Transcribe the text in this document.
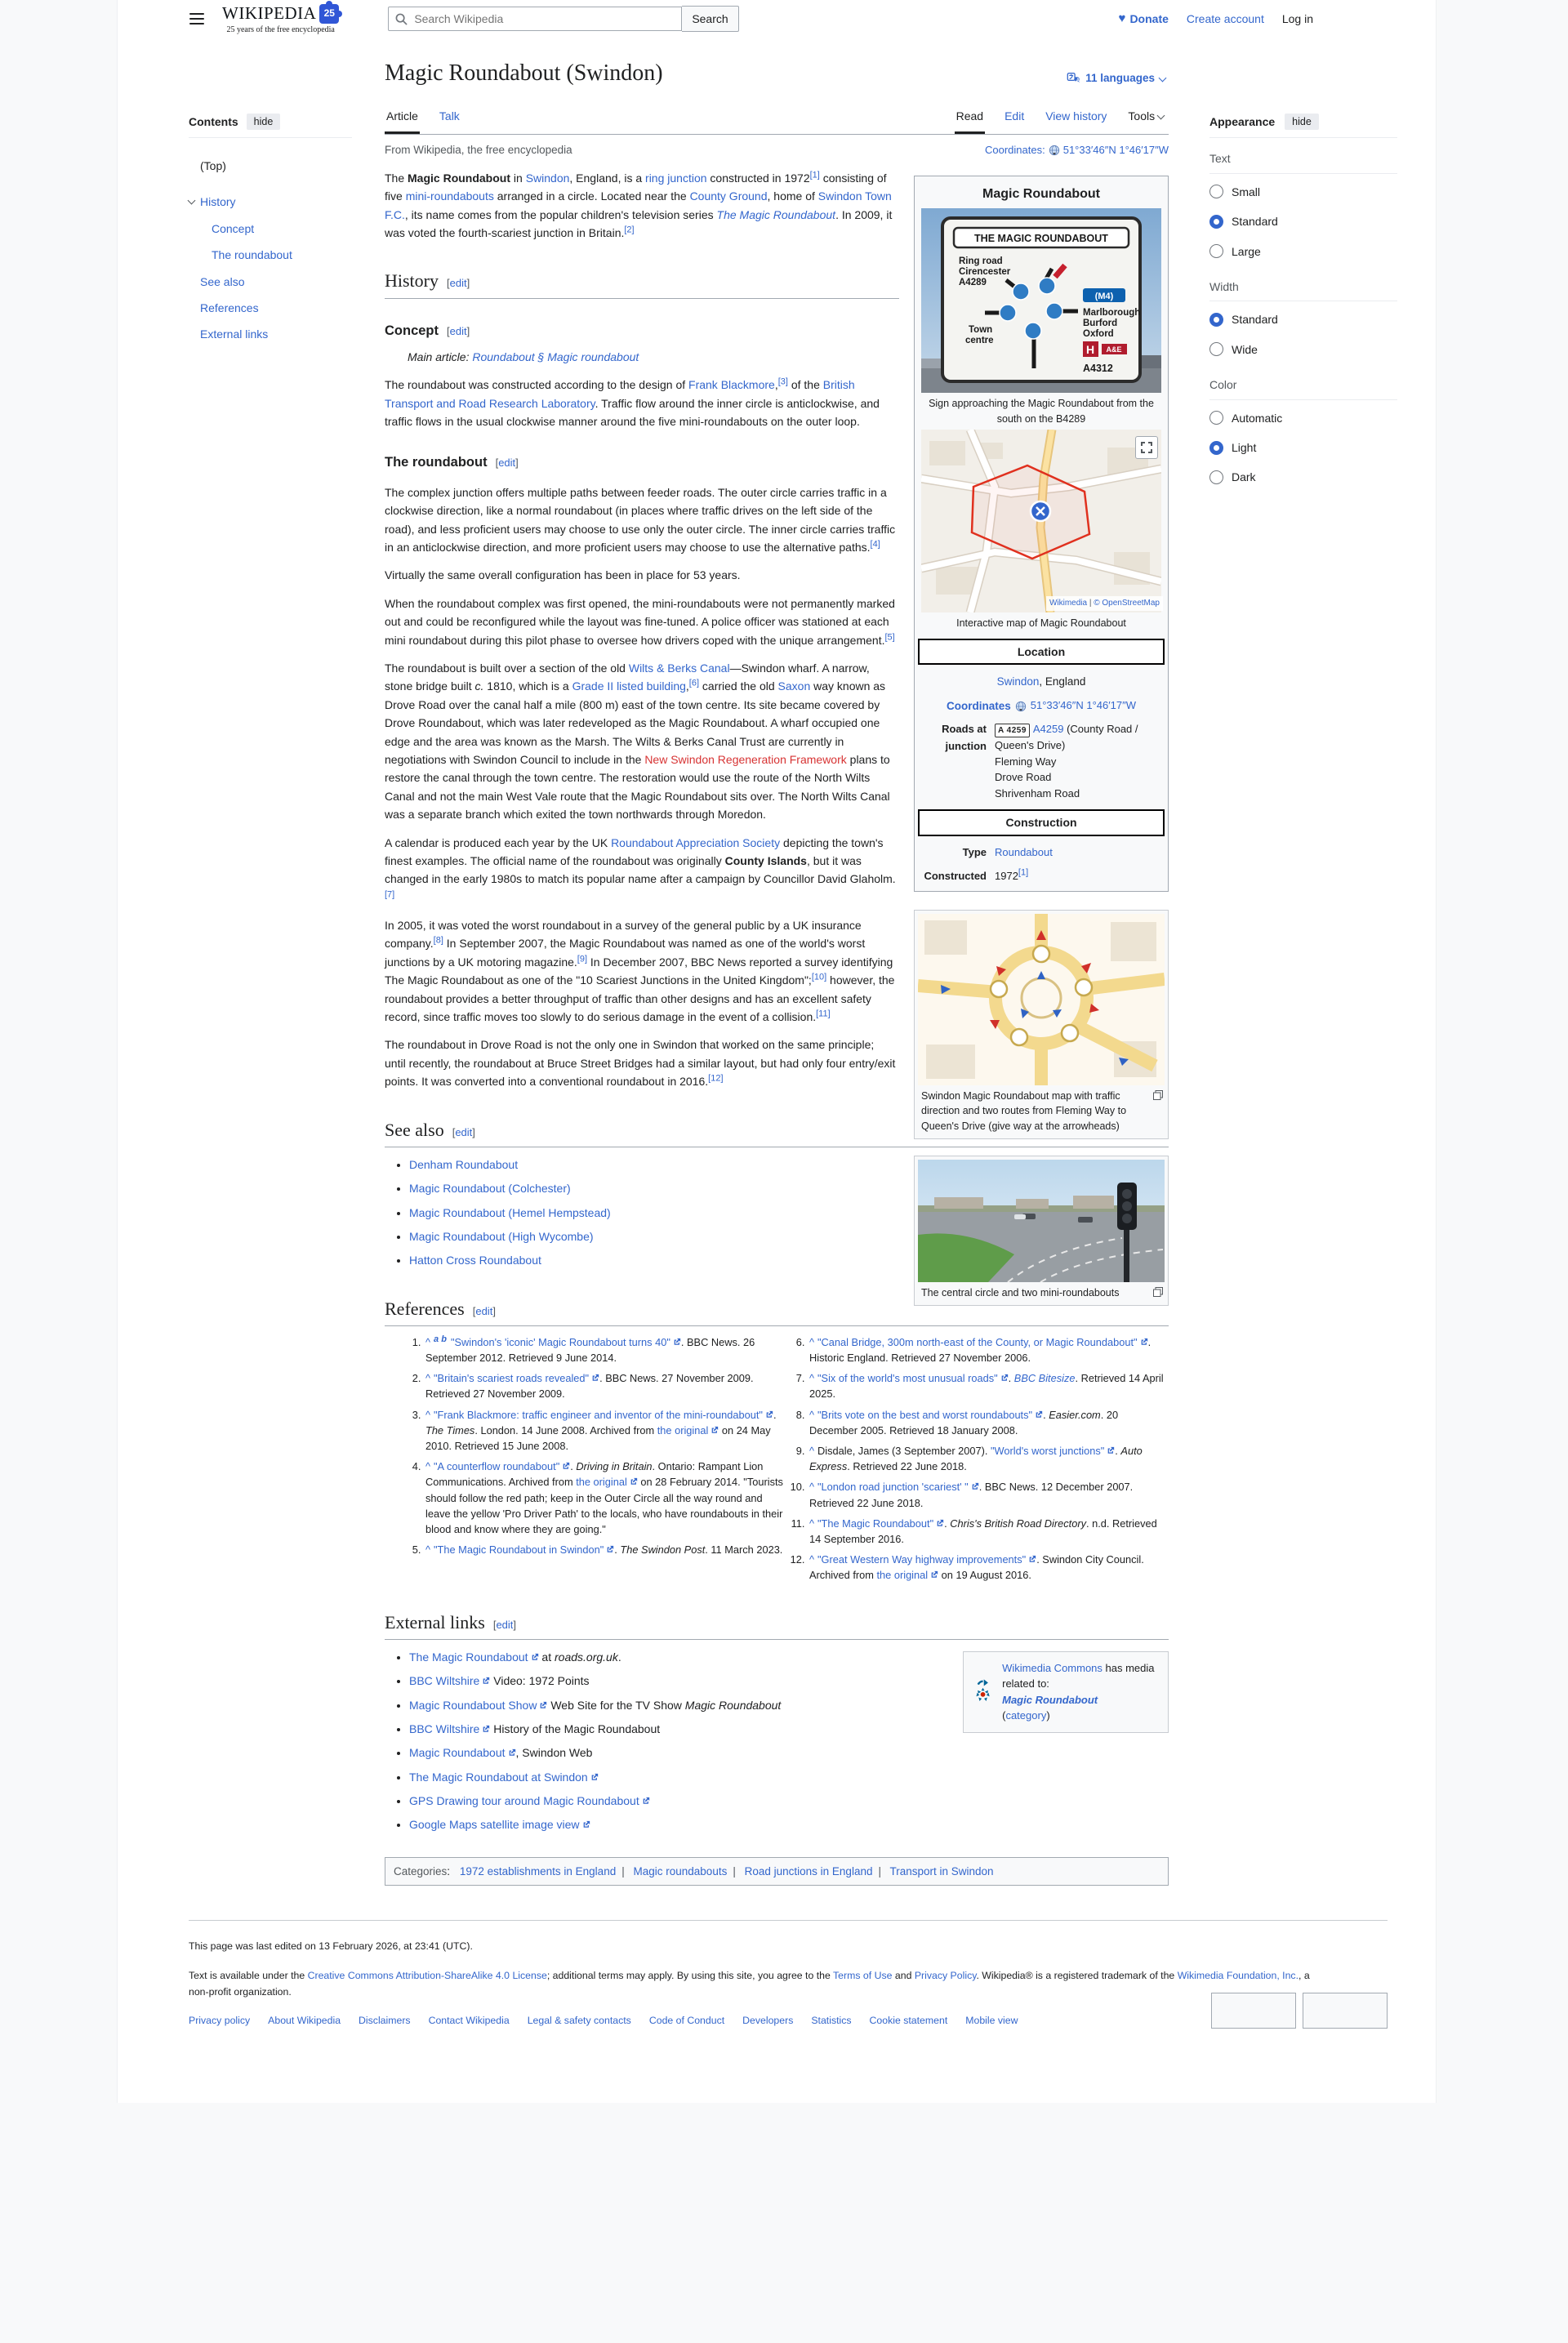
WIKIPEDIA 25
25 years of the free encyclopedia
Search Wikipedia
Search	♥ Donate Create account Log in
Contents	hide
(Top)
History
Concept
The roundabout
See also
References
External links
Magic Roundabout (Swindon)	A 11 languages
Article Talk	Read Edit View history Tools
From Wikipedia, the free encyclopedia	Coordinates: 51°33′46″N 1°46′17″W
Magic Roundabout
THE MAGIC ROUNDABOUT
Ring road
Cirencester
A4289
(M4)
Town
centre
Marlborough
Burford
Oxford
H A&E
A4312
Sign approaching the Magic Roundabout from the south on the B4289
Wikimedia | © OpenStreetMap
Interactive map of Magic Roundabout
Location
Swindon, England
Coordinates 51°33′46″N 1°46′17″W
Roads at junction
A 4259 A4259 (County Road / Queen's Drive)
Fleming Way
Drove Road
Shrivenham Road
Construction
Type Roundabout
Constructed 1972[1]

The Magic Roundabout in Swindon, England, is a ring junction constructed in 1972[1] consisting of five mini-roundabouts arranged in a circle. Located near the County Ground, home of Swindon Town F.C., its name comes from the popular children's television series The Magic Roundabout. In 2009, it was voted the fourth-scariest junction in Britain.[2]

History [edit]
Concept [edit]
Main article: Roundabout § Magic roundabout

The roundabout was constructed according to the design of Frank Blackmore,[3] of the British Transport and Road Research Laboratory. Traffic flow around the inner circle is anticlockwise, and traffic flows in the usual clockwise manner around the five mini-roundabouts on the outer loop.

The roundabout [edit]

The complex junction offers multiple paths between feeder roads. The outer circle carries traffic in a clockwise direction, like a normal roundabout (in places where traffic drives on the left side of the road), and less proficient users may choose to use only the outer circle. The inner circle carries traffic in an anticlockwise direction, and more proficient users may choose to use the alternative paths.[4]

Virtually the same overall configuration has been in place for 53 years.

When the roundabout complex was first opened, the mini-roundabouts were not permanently marked out and could be reconfigured while the layout was fine-tuned. A police officer was stationed at each mini roundabout during this pilot phase to oversee how drivers coped with the unique arrangement.[5]

The roundabout is built over a section of the old Wilts & Berks Canal—Swindon wharf. A narrow, stone bridge built c. 1810, which is a Grade II listed building,[6] carried the old Saxon way known as Drove Road over the canal half a mile (800 m) east of the town centre. Its site became covered by Drove Roundabout, which was later redeveloped as the Magic Roundabout. A wharf occupied one edge and the area was known as the Marsh. The Wilts & Berks Canal Trust are currently in negotiations with Swindon Council to include in the New Swindon Regeneration Framework plans to restore the canal through the town centre. The restoration would use the route of the North Wilts Canal and not the main West Vale route that the Magic Roundabout sits over. The North Wilts Canal was a separate branch which exited the town northwards through Moredon.

Swindon Magic Roundabout map with traffic direction and two routes from Fleming Way to Queen's Drive (give way at the arrowheads)

A calendar is produced each year by the UK Roundabout Appreciation Society depicting the town's finest examples. The official name of the roundabout was originally County Islands, but it was changed in the early 1980s to match its popular name after a campaign by Councillor David Glaholm.[7]

The central circle and two mini-roundabouts

In 2005, it was voted the worst roundabout in a survey of the general public by a UK insurance company.[8] In September 2007, the Magic Roundabout was named as one of the world's worst junctions by a UK motoring magazine.[9] In December 2007, BBC News reported a survey identifying The Magic Roundabout as one of the "10 Scariest Junctions in the United Kingdom";[10] however, the roundabout provides a better throughput of traffic than other designs and has an excellent safety record, since traffic moves too slowly to do serious damage in the event of a collision.[11]

The roundabout in Drove Road is not the only one in Swindon that worked on the same principle; until recently, the roundabout at Bruce Street Bridges had a similar layout, but had only four entry/exit points. It was converted into a conventional roundabout in 2016.[12]

See also [edit]
• Denham Roundabout
• Magic Roundabout (Colchester)
• Magic Roundabout (Hemel Hempstead)
• Magic Roundabout (High Wycombe)
• Hatton Cross Roundabout
References [edit]
1. ^ $^{a b}$ "Swindon's 'iconic' Magic Roundabout turns 40" . BBC News. 26 September 2012. Retrieved 9 June 2014.
2. ^ "Britain's scariest roads revealed" . BBC News. 27 November 2009. Retrieved 27 November 2009.
3. ^ "Frank Blackmore: traffic engineer and inventor of the mini-roundabout" . The Times. London. 14 June 2008. Archived from the original on 24 May 2010. Retrieved 15 June 2008.
4. ^ "A counterflow roundabout" . Driving in Britain. Ontario: Rampant Lion Communications. Archived from the original on 28 February 2014. "Tourists should follow the red path; keep in the Outer Circle all the way round and leave the yellow 'Pro Driver Path' to the locals, who have roundabouts in their blood and know where they are going."
5. ^ "The Magic Roundabout in Swindon" . The Swindon Post. 11 March 2023.
6. ^ "Canal Bridge, 300m north-east of the County, or Magic Roundabout" . Historic England. Retrieved 27 November 2006.
7. ^ "Six of the world's most unusual roads" . BBC Bitesize. Retrieved 14 April 2025.
8. ^ "Brits vote on the best and worst roundabouts" . Easier.com. 20 December 2005. Retrieved 18 January 2008.
9. ^ Disdale, James (3 September 2007). "World's worst junctions" . Auto Express. Retrieved 22 June 2018.
10. ^ "London road junction 'scariest' " . BBC News. 12 December 2007. Retrieved 22 June 2018.
11. ^ "The Magic Roundabout" . Chris's British Road Directory. n.d. Retrieved 14 September 2016.
12. ^ "Great Western Way highway improvements" . Swindon City Council. Archived from the original on 19 August 2016.
External links [edit]
Wikimedia Commons has media related to:
Magic Roundabout
(category)
• The Magic Roundabout at roads.org.uk.
• BBC Wiltshire Video: 1972 Points
• Magic Roundabout Show Web Site for the TV Show Magic Roundabout
• BBC Wiltshire History of the Magic Roundabout
• Magic Roundabout , Swindon Web
• The Magic Roundabout at Swindon
• GPS Drawing tour around Magic Roundabout
• Google Maps satellite image view
Categories: 1972 establishments in England | Magic roundabouts | Road junctions in England | Transport in Swindon
Appearance	hide
Text
Small
Standard
Large
Width
Standard
Wide
Color
Automatic
Light
Dark

This page was last edited on 13 February 2026, at 23:41 (UTC).

Text is available under the Creative Commons Attribution-ShareAlike 4.0 License; additional terms may apply. By using this site, you agree to the Terms of Use and Privacy Policy. Wikipedia® is a registered trademark of the Wikimedia Foundation, Inc., a non-profit organization.

Privacy policy About Wikipedia Disclaimers Contact Wikipedia Legal & safety contacts Code of Conduct Developers Statistics Cookie statement Mobile view
